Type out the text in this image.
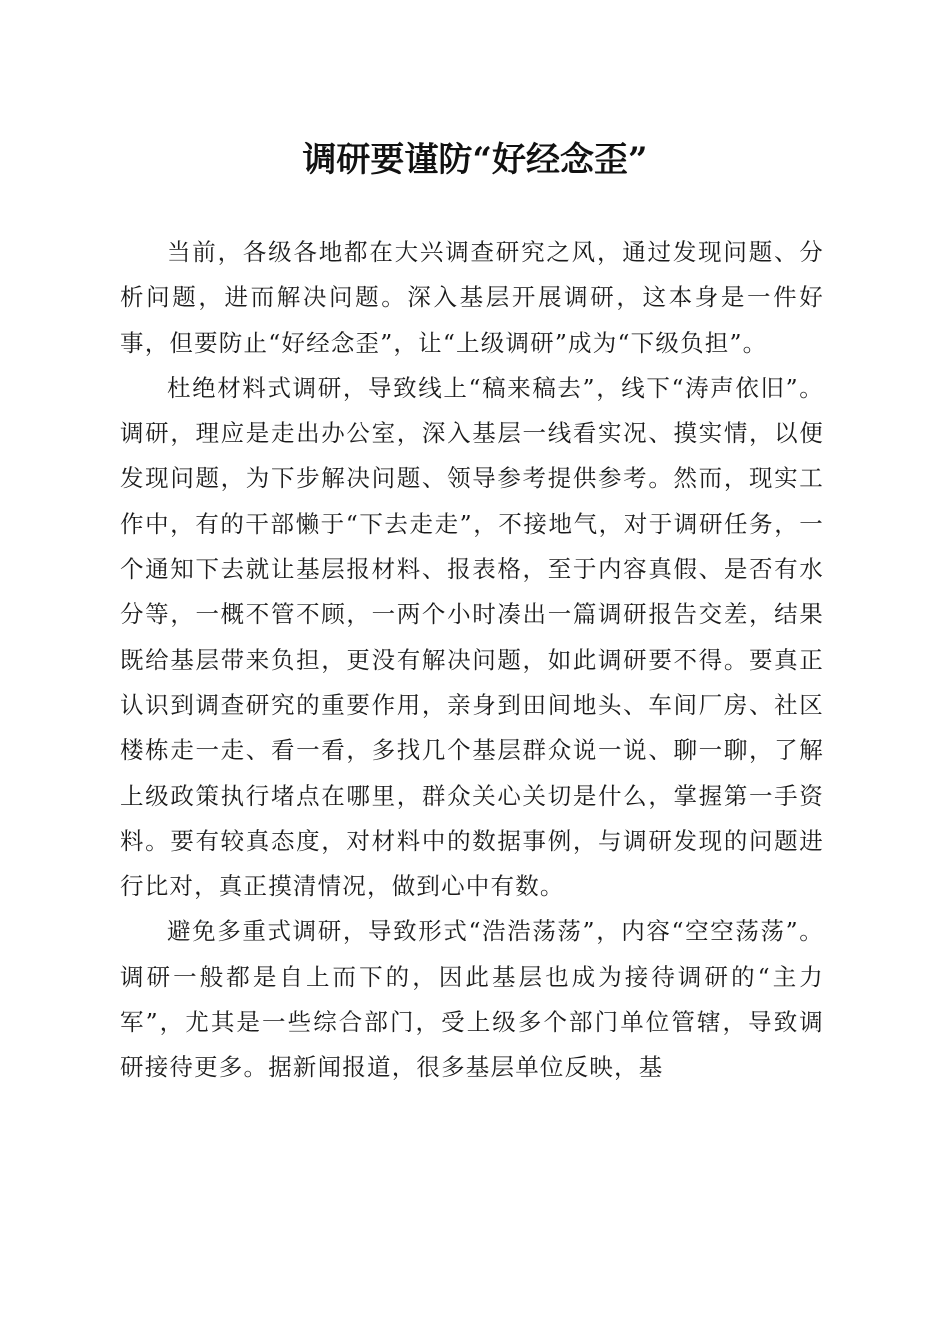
调研要谨防“好经念歪”

当前，各级各地都在大兴调查研究之风，通过发现问题、分析问题，进而解决问题。深入基层开展调研，这本身是一件好事，但要防止“好经念歪”，让“上级调研”成为“下级负担”。

杜绝材料式调研，导致线上“稿来稿去”，线下“涛声依旧”。调研，理应是走出办公室，深入基层一线看实况、摸实情，以便发现问题，为下步解决问题、领导参考提供参考。然而，现实工作中，有的干部懒于“下去走走”，不接地气，对于调研任务，一个通知下去就让基层报材料、报表格，至于内容真假、是否有水分等，一概不管不顾，一两个小时凑出一篇调研报告交差，结果既给基层带来负担，更没有解决问题，如此调研要不得。要真正认识到调查研究的重要作用，亲身到田间地头、车间厂房、社区楼栋走一走、看一看，多找几个基层群众说一说、聊一聊，了解上级政策执行堵点在哪里，群众关心关切是什么，掌握第一手资料。要有较真态度，对材料中的数据事例，与调研发现的问题进行比对，真正摸清情况，做到心中有数。

避免多重式调研，导致形式“浩浩荡荡”，内容“空空荡荡”。调研一般都是自上而下的，因此基层也成为接待调研的“主力军”，尤其是一些综合部门，受上级多个部门单位管辖，导致调研接待更多。据新闻报道，很多基层单位反映，基
